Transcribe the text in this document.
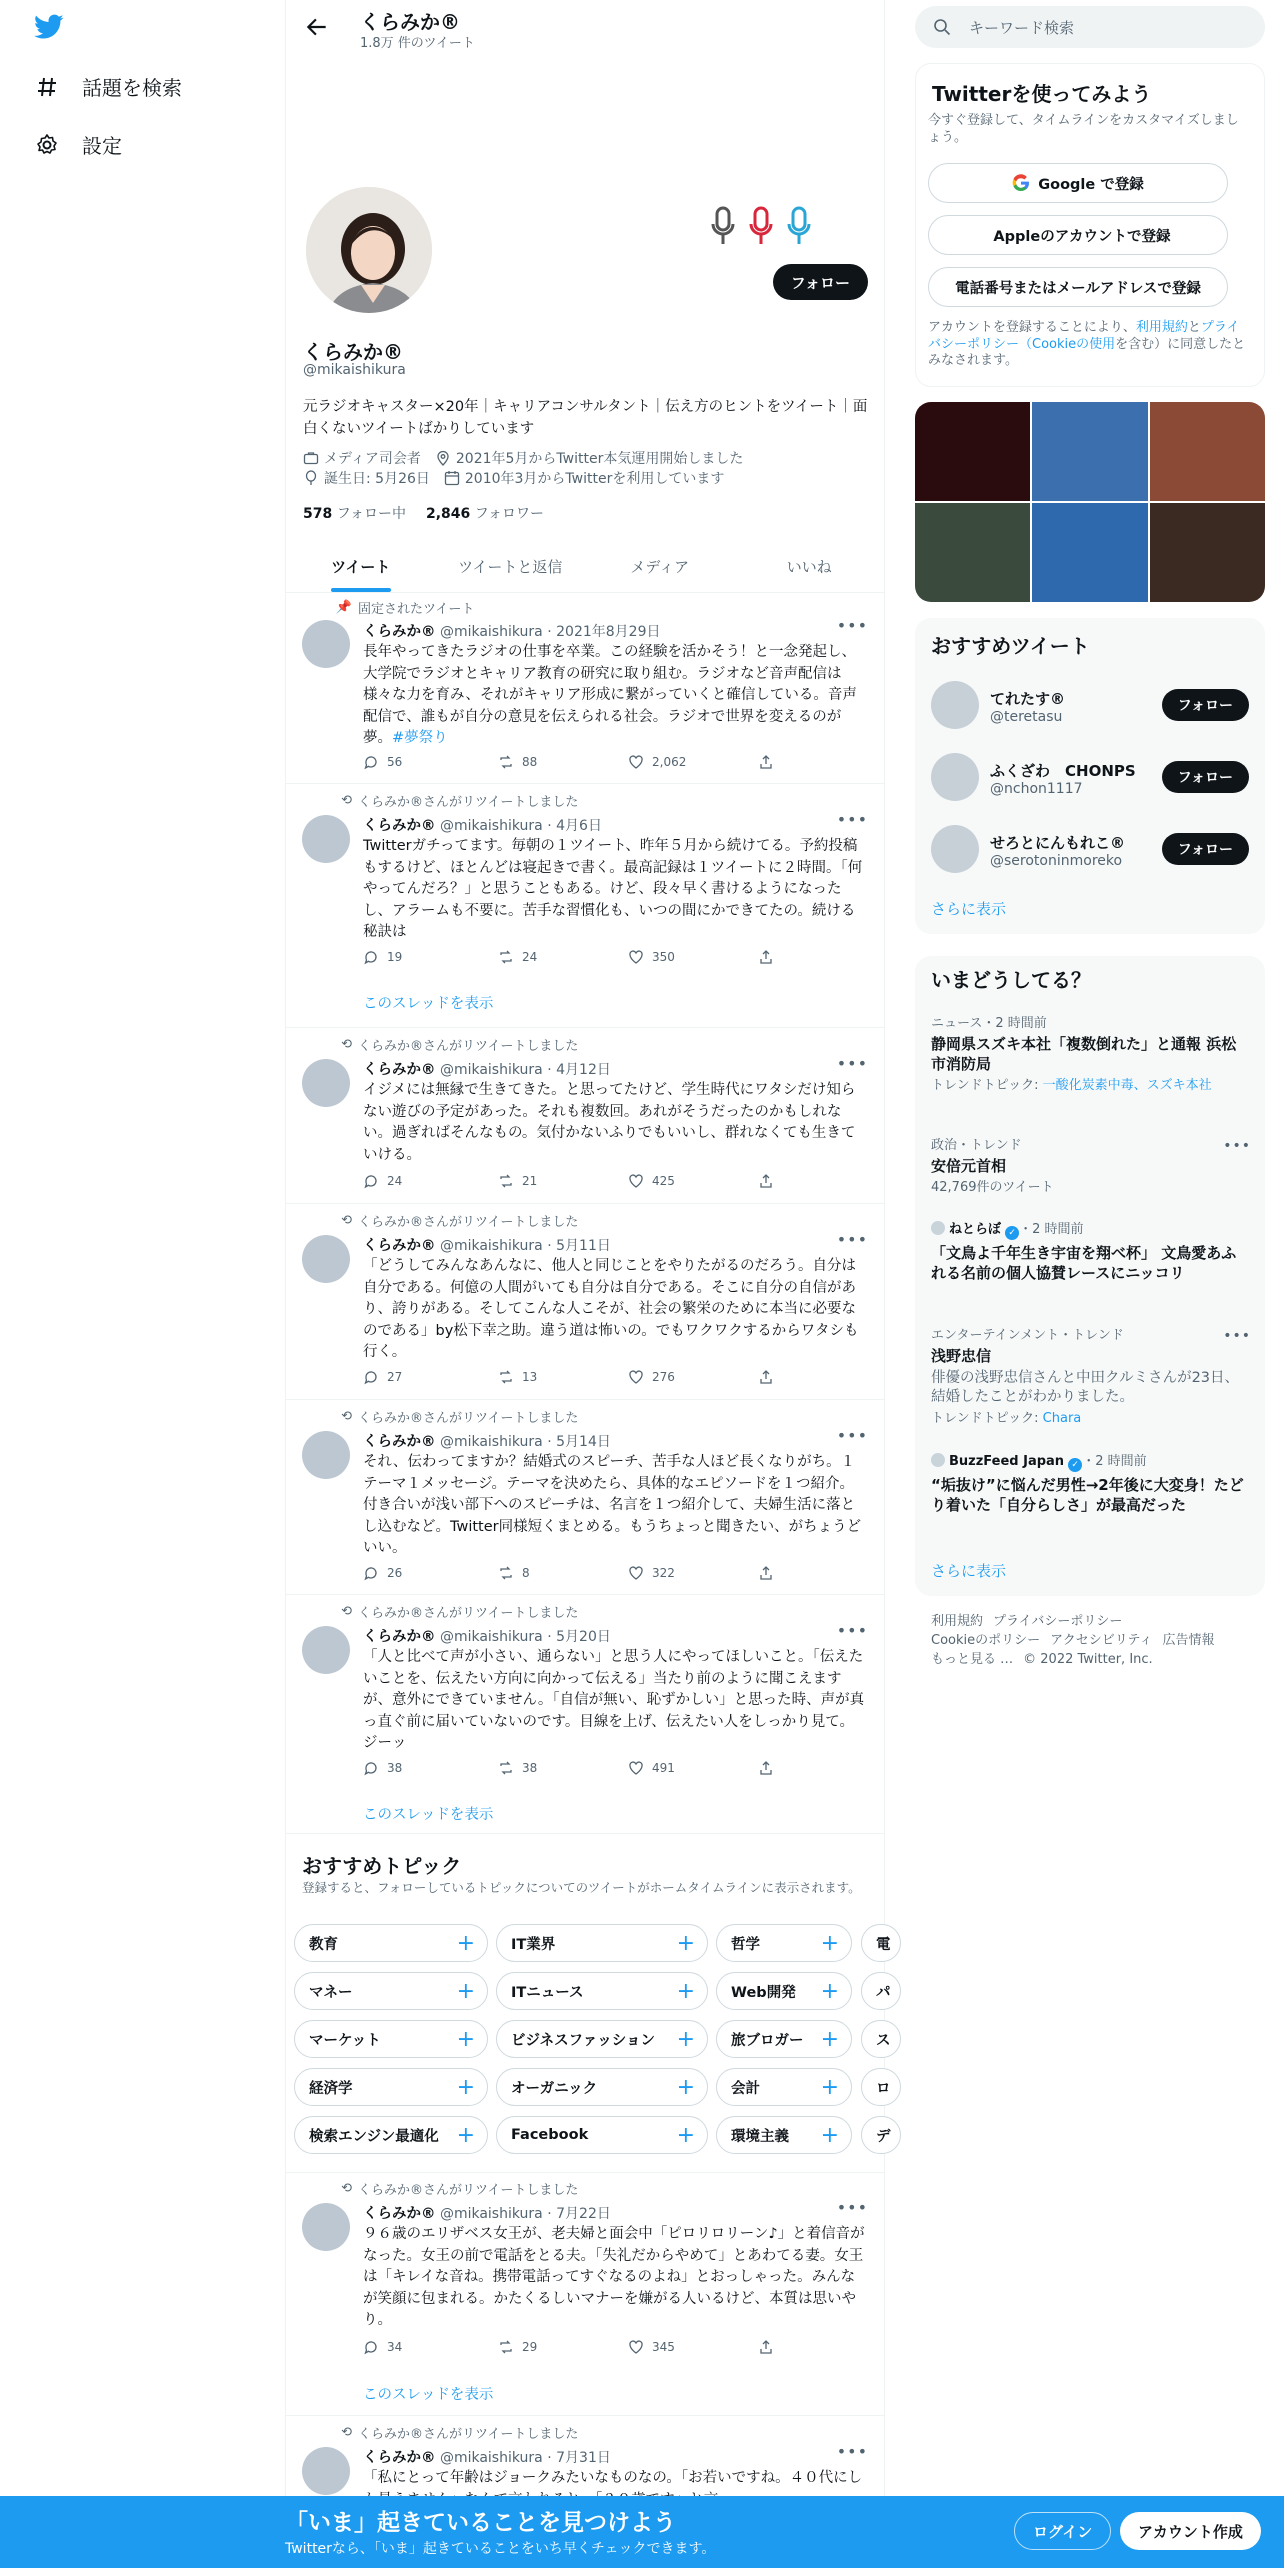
話題を検索
設定
くらみか®
1.8万 件のツイート
フォロー
くらみか®
@mikaishikura
元ラジオキャスター×20年｜キャリアコンサルタント｜伝え方のヒントをツイート｜面白くないツイートばかりしています
メディア司会者	2021年5月からTwitter本気運用開始しました
誕生日: 5月26日	2010年3月からTwitterを利用しています
578 フォロー中 2,846 フォロワー
ツイート	ツイートと返信	メディア	いいね
📌 固定されたツイート
くらみか® @mikaishikura · 2021年8月29日	•••
長年やってきたラジオの仕事を卒業。この経験を活かそう！と一念発起し、大学院でラジオとキャリア教育の研究に取り組む。ラジオなど音声配信は様々な力を育み、それがキャリア形成に繋がっていくと確信している。音声配信で、誰もが自分の意見を伝えられる社会。ラジオで世界を変えるのが夢。#夢祭り
56	88	2,062
⟲ くらみか®さんがリツイートしました
くらみか® @mikaishikura · 4月6日	•••
Twitterガチってます。毎朝の１ツイート、昨年５月から続けてる。予約投稿もするけど、ほとんどは寝起きで書く。最高記録は１ツイートに２時間。「何やってんだろ？」と思うこともある。けど、段々早く書けるようになったし、アラームも不要に。苦手な習慣化も、いつの間にかできてたの。続ける秘訣は
19	24	350
このスレッドを表示
⟲ くらみか®さんがリツイートしました
くらみか® @mikaishikura · 4月12日	•••
イジメには無縁で生きてきた。と思ってたけど、学生時代にワタシだけ知らない遊びの予定があった。それも複数回。あれがそうだったのかもしれない。過ぎればそんなもの。気付かないふりでもいいし、群れなくても生きていける。
24	21	425
⟲ くらみか®さんがリツイートしました
くらみか® @mikaishikura · 5月11日	•••
「どうしてみんなあんなに、他人と同じことをやりたがるのだろう。自分は自分である。何億の人間がいても自分は自分である。そこに自分の自信があり、誇りがある。そしてこんな人こそが、社会の繁栄のために本当に必要なのである」by松下幸之助。違う道は怖いの。でもワクワクするからワタシも行く。
27	13	276
⟲ くらみか®さんがリツイートしました
くらみか® @mikaishikura · 5月14日	•••
それ、伝わってますか？結婚式のスピーチ、苦手な人ほど長くなりがち。１テーマ１メッセージ。テーマを決めたら、具体的なエピソードを１つ紹介。付き合いが浅い部下へのスピーチは、名言を１つ紹介して、夫婦生活に落とし込むなど。Twitter同様短くまとめる。もうちょっと聞きたい、がちょうどいい。
26	8	322
⟲ くらみか®さんがリツイートしました
くらみか® @mikaishikura · 5月20日	•••
「人と比べて声が小さい、通らない」と思う人にやってほしいこと。「伝えたいことを、伝えたい方向に向かって伝える」当たり前のように聞こえますが、意外にできていません。「自信が無い、恥ずかしい」と思った時、声が真っ直ぐ前に届いていないのです。目線を上げ、伝えたい人をしっかり見て。ジーッ
38	38	491
このスレッドを表示
おすすめトピック
登録すると、フォローしているトピックについてのツイートがホームタイムラインに表示されます。
教育	+ IT業界	+ 哲学	+	電
マネー	+ ITニュース	+ Web開発 +	パ
マーケット	+ ビジネスファッション + 旅ブロガー +	ス
経済学	+ オーガニック	+ 会計	+	ロ
検索エンジン最適化 + Facebook	+ 環境主義 +	デ
⟲ くらみか®さんがリツイートしました
くらみか® @mikaishikura · 7月22日	•••
９６歳のエリザベス女王が、老夫婦と面会中「ピロリロリーン♪」と着信音がなった。女王の前で電話をとる夫。「失礼だからやめて」とあわてる妻。女王は「キレイな音ね。携帯電話ってすぐなるのよね」とおっしゃった。みんなが笑顔に包まれる。かたくるしいマナーを嫌がる人いるけど、本質は思いやり。
34	29	345
このスレッドを表示
⟲ くらみか®さんがリツイートしました
くらみか® @mikaishikura · 7月31日	•••
「私にとって年齢はジョークみたいなものなの。「お若いですね。４０代にし
キーワード検索
Twitterを使ってみよう
今すぐ登録して、タイムラインをカスタマイズしましょう。
Google で登録
Appleのアカウントで登録
電話番号またはメールアドレスで登録
アカウントを登録することにより、利用規約とプライバシーポリシー（Cookieの使用を含む）に同意したとみなされます。
おすすめツイート
てれたす®
@teretasu
フォロー
ふくざわ　CHONPS
@nchon1117
フォロー
せろとにんもれこ®
@serotoninmoreko
フォロー
さらに表示
いまどうしてる？
ニュース・2 時間前
静岡県スズキ本社「複数倒れた」と通報 浜松市消防局
トレンドトピック: 一酸化炭素中毒、スズキ本社
政治・トレンド
安倍元首相
42,769件のツイート
•••
ねとらぼ ✓ ・2 時間前
「文鳥よ千年生き宇宙を翔べ杯」 文鳥愛あふれる名前の個人協賛レースにニッコリ
エンターテインメント・トレンド
浅野忠信
俳優の浅野忠信さんと中田クルミさんが23日、結婚したことがわかりました。
トレンドトピック: Chara
•••
BuzzFeed Japan ✓ ・2 時間前
“垢抜け”に悩んだ男性→2年後に大変身！たどり着いた「自分らしさ」が最高だった
さらに表示
利用規約 プライバシーポリシー
Cookieのポリシー アクセシビリティ 広告情報
もっと見る … © 2022 Twitter, Inc.
「いま」起きていることを見つけよう
Twitterなら、「いま」起きていることをいち早くチェックできます。
ログイン	アカウント作成
